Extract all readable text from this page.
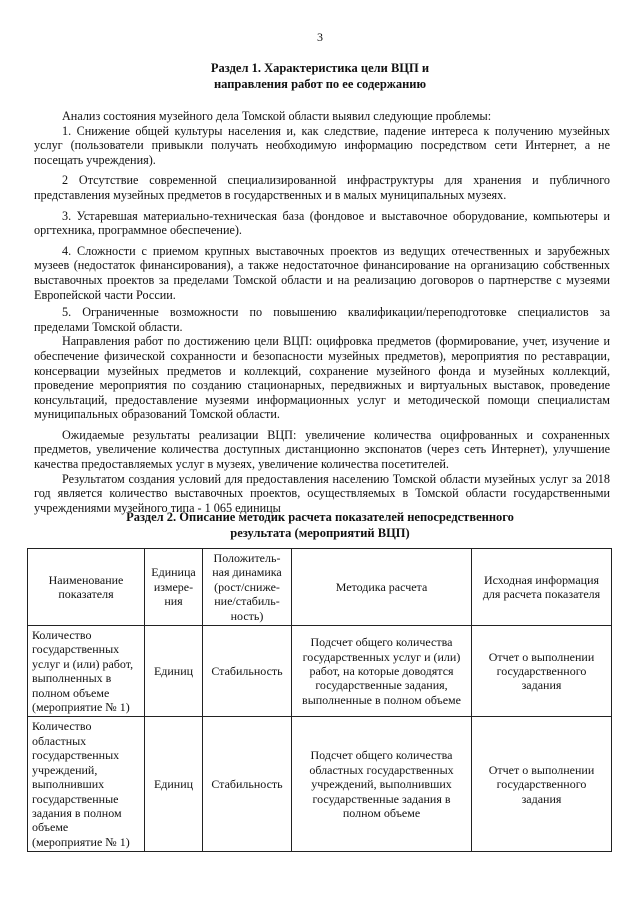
3
Раздел 1. Характеристика цели ВЦП и
направления работ по ее содержанию

Анализ состояния музейного дела Томской области выявил следующие проблемы:

1. Снижение общей культуры населения и, как следствие, падение интереса к получению музейных услуг (пользователи привыкли получать необходимую информацию посредством сети Интернет, а не посещать учреждения).

2 Отсутствие современной специализированной инфраструктуры для хранения и публичного представления музейных предметов в государственных и в малых муниципальных музеях.

3. Устаревшая материально-техническая база (фондовое и выставочное оборудование, компьютеры и оргтехника, программное обеспечение).

4. Сложности с приемом крупных выставочных проектов из ведущих отечественных и зарубежных музеев (недостаток финансирования), а также недостаточное финансирование на организацию собственных выставочных проектов за пределами Томской области и на реализацию договоров о партнерстве с музеями Европейской части России.

5. Ограниченные возможности по повышению квалификации/переподготовке специалистов за пределами Томской области.

Направления работ по достижению цели ВЦП: оцифровка предметов (формирование, учет, изучение и обеспечение физической сохранности и безопасности музейных предметов), мероприятия по реставрации, консервации музейных предметов и коллекций, сохранение музейного фонда и музейных коллекций, проведение мероприятия по созданию стационарных, передвижных и виртуальных выставок, проведение консультаций, предоставление музеями информационных услуг и методической помощи специалистам муниципальных образований Томской области.

Ожидаемые результаты реализации ВЦП: увеличение количества оцифрованных и сохраненных предметов, увеличение количества доступных дистанционно экспонатов (через сеть Интернет), улучшение качества предоставляемых услуг в музеях, увеличение количества посетителей.

Результатом создания условий для предоставления населению Томской области музейных услуг за 2018 год является количество выставочных проектов, осуществляемых в Томской области государственными учреждениями музейного типа - 1 065 единицы

Раздел 2. Описание методик расчета показателей непосредственного
результата (мероприятий ВЦП)
Наименование показателя	Единица измере-ния	Положитель-ная динамика (рост/сниже-ние/стабиль-ность)	Методика расчета	Исходная информация для расчета показателя
Количество государственных услуг и (или) работ, выполненных в полном объеме (мероприятие № 1)	Единиц	Стабильность	Подсчет общего количества государственных услуг и (или) работ, на которые доводятся государственные задания, выполненные в полном объеме	Отчет о выполнении государственного задания
Количество областных государственных учреждений, выполнивших государственные задания в полном объеме (мероприятие № 1)	Единиц	Стабильность	Подсчет общего количества областных государственных учреждений, выполнивших государственные задания в полном объеме	Отчет о выполнении государственного задания
